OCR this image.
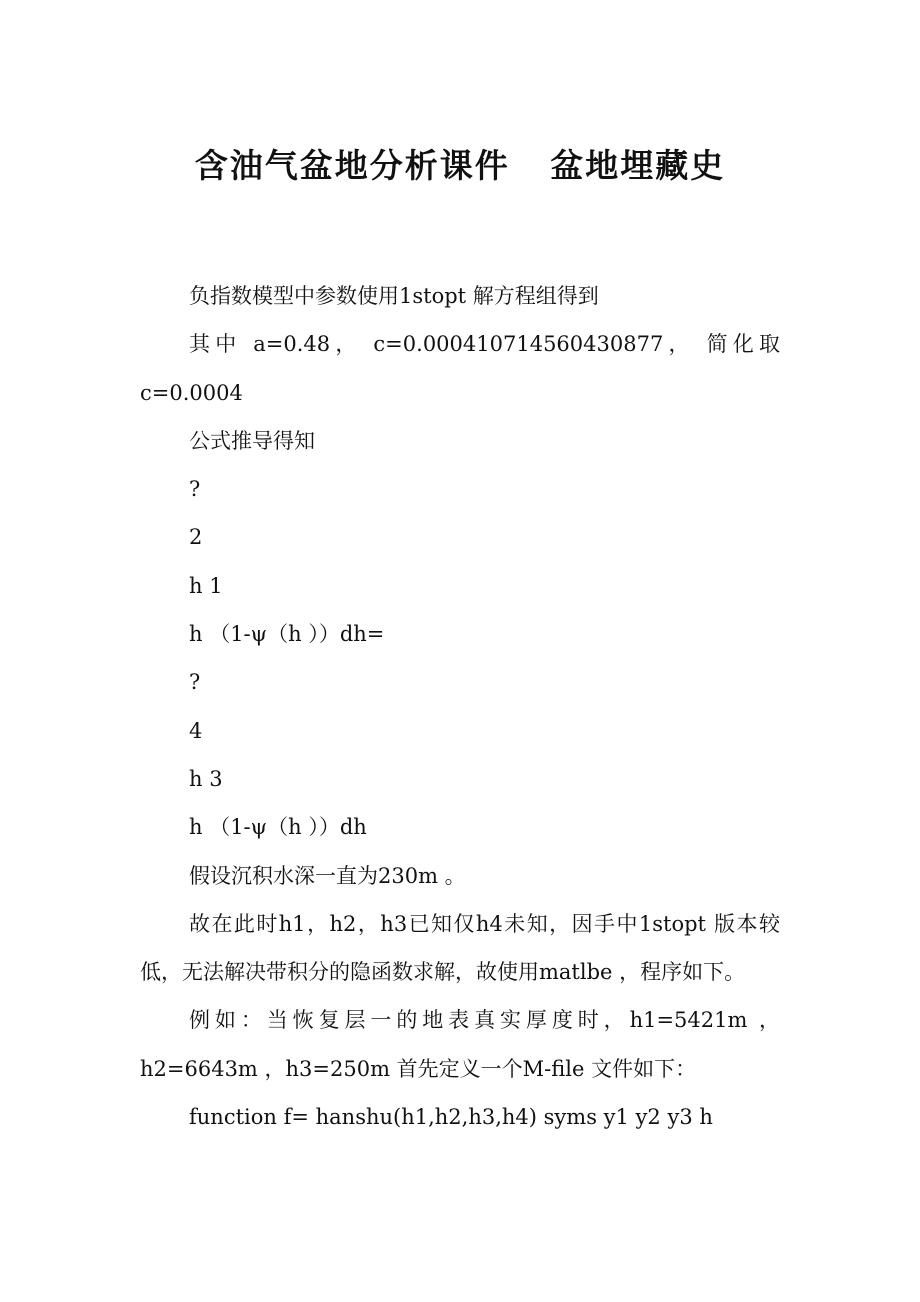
含油气盆地分析课件   盆地埋藏史

负指数模型中参数使用1stopt 解方程组得到

其中 a=0.48， c=0.000410714560430877， 简化取 c=0.0004

公式推导得知

?

2

h 1

h （1-ψ（h ））dh=

?

4

h 3

h （1-ψ（h ））dh

假设沉积水深一直为230m 。

故在此时h1，h2，h3已知仅h4未知，因手中1stopt 版本较低，无法解决带积分的隐函数求解，故使用matlbe ，程序如下。

例如：当恢复层一的地表真实厚度时，h1=5421m ，h2=6643m ，h3=250m 首先定义一个M-file 文件如下：

function f= hanshu(h1,h2,h3,h4) syms y1 y2 y3 h
